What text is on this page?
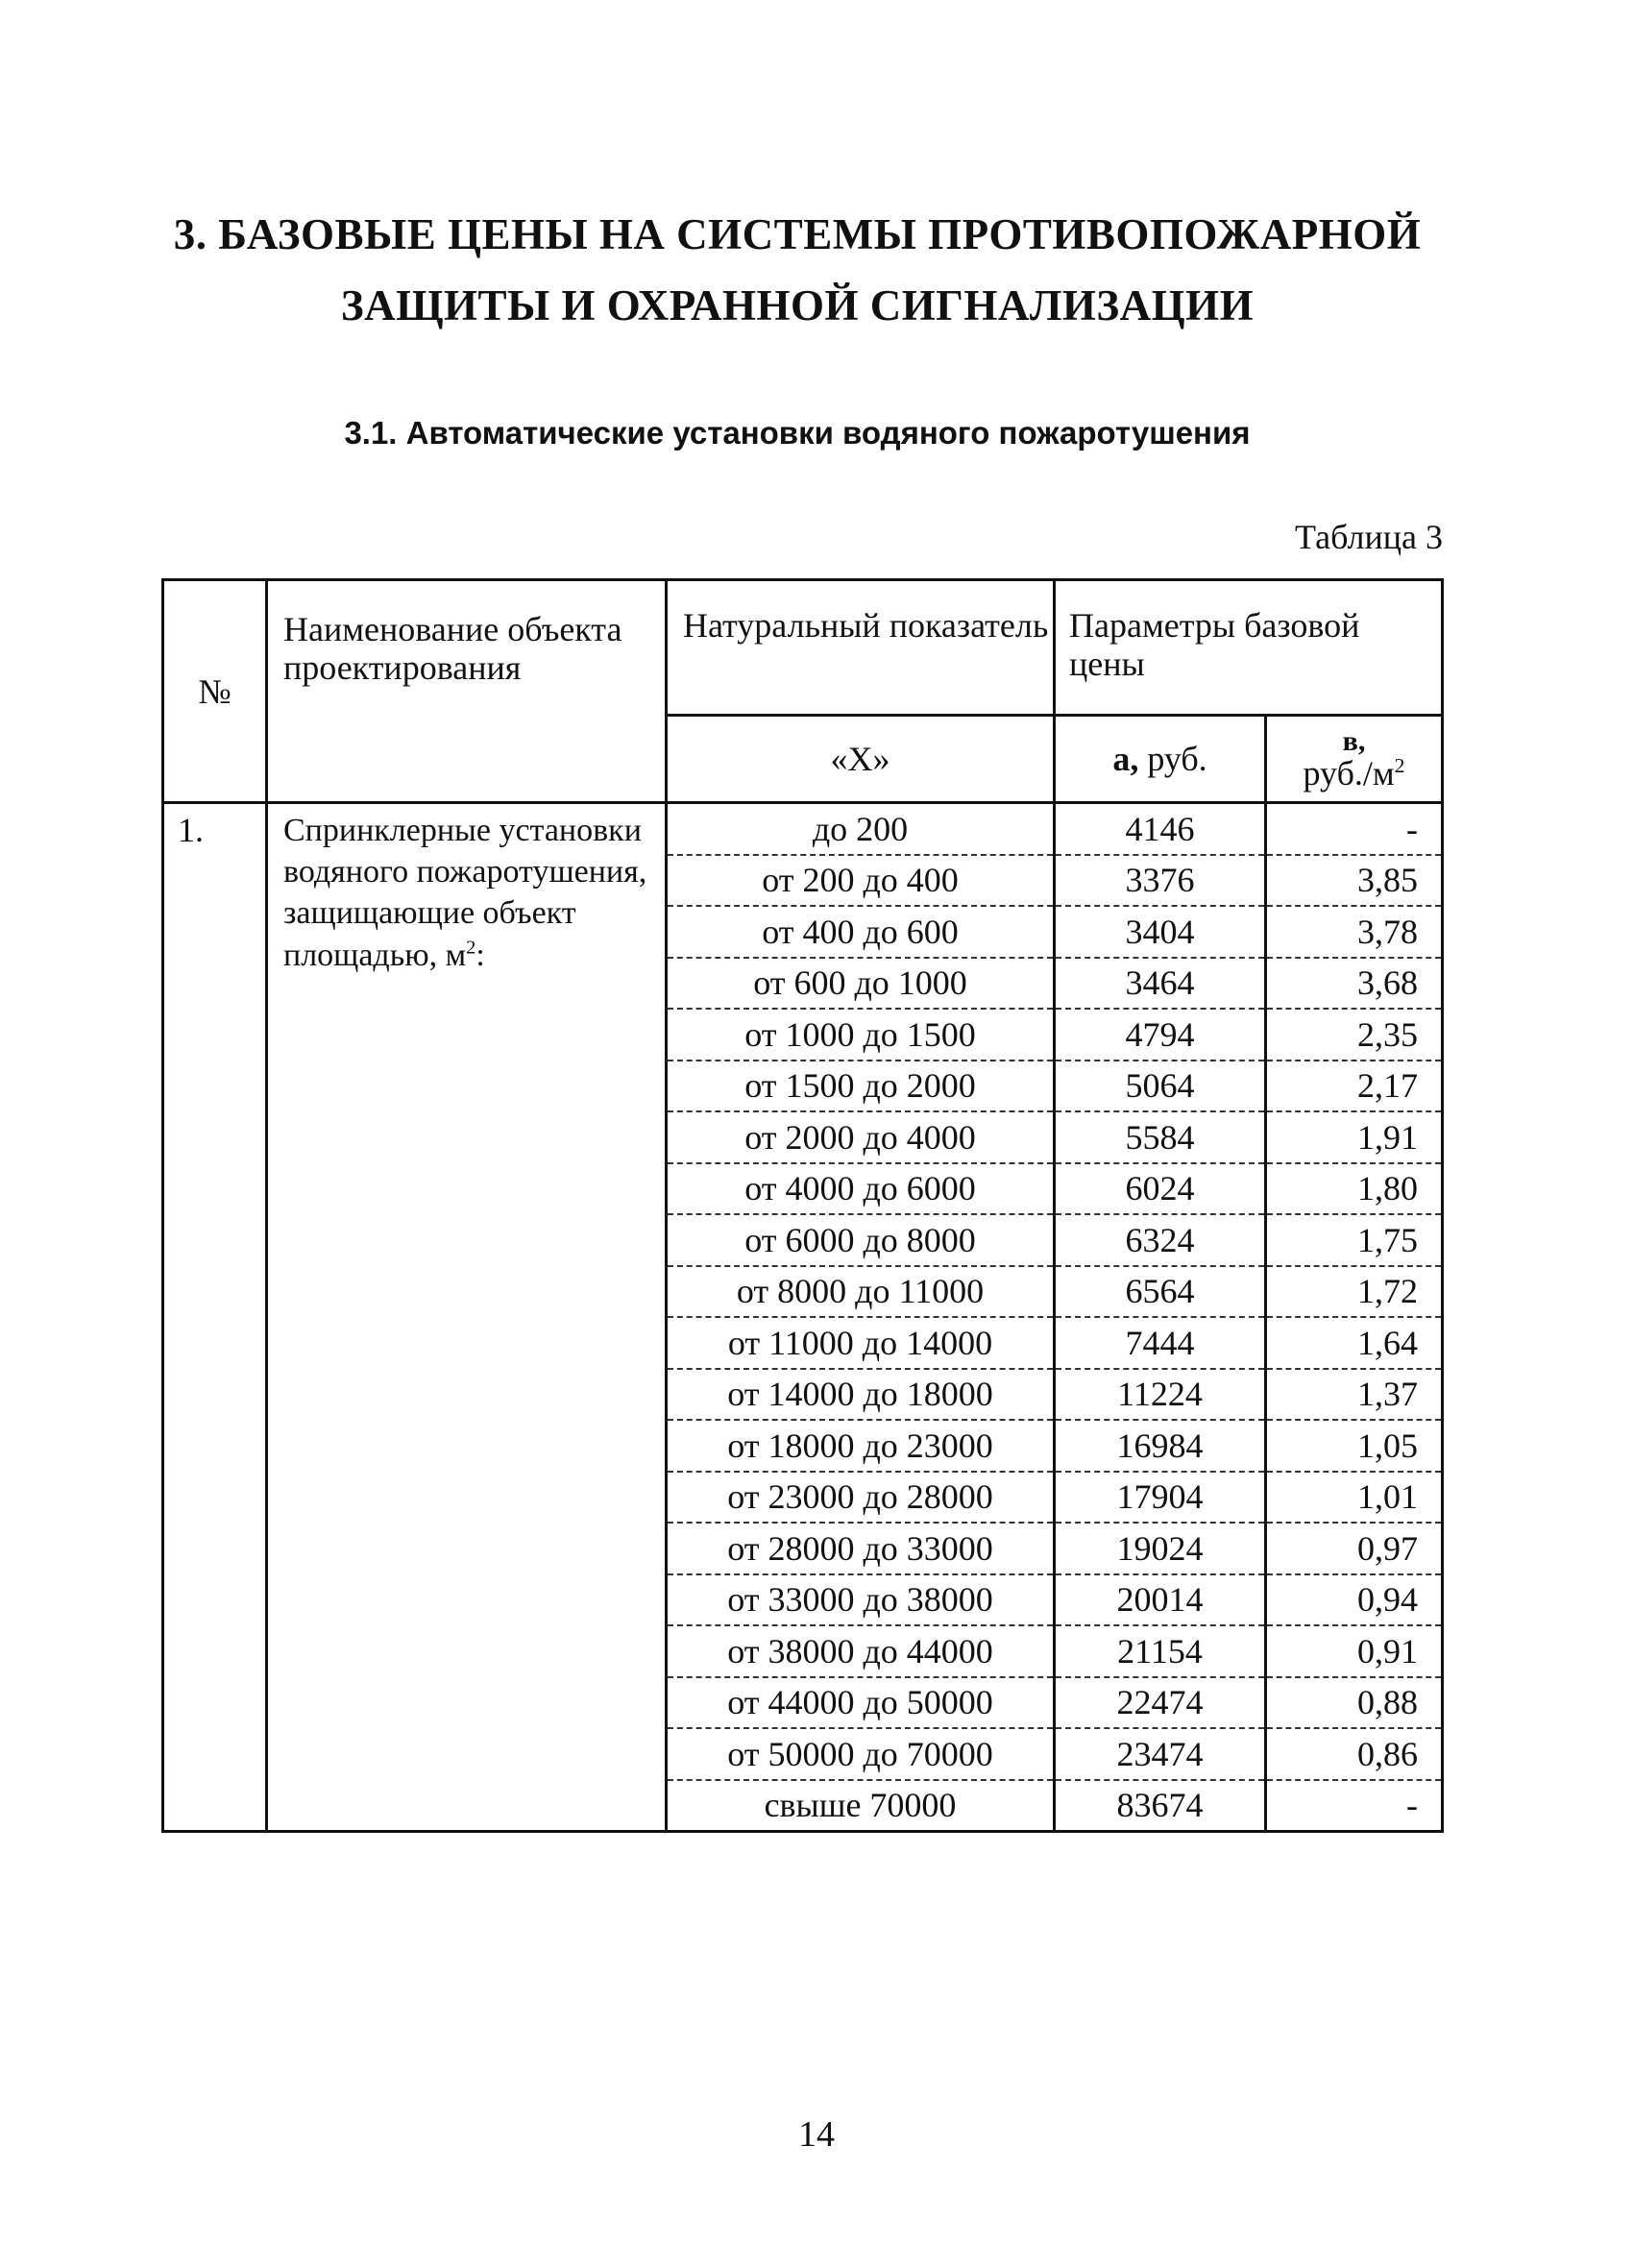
3. БАЗОВЫЕ ЦЕНЫ НА СИСТЕМЫ ПРОТИВОПОЖАРНОЙ
ЗАЩИТЫ И ОХРАННОЙ СИГНАЛИЗАЦИИ
3.1. Автоматические установки водяного пожаротушения
Таблица 3
№	Наименование объекта проектирования	Натуральный показатель	Параметры базовой цены	
		«Х»	а, руб.	в,
$руб./м^2$
1.	Спринклерные установки водяного пожаротушения, защищающие объект площадью, $м^2$:	до 200	4146	-
		от 200 до 400	3376	3,85
		от 400 до 600	3404	3,78
		от 600 до 1000	3464	3,68
		от 1000 до 1500	4794	2,35
		от 1500 до 2000	5064	2,17
		от 2000 до 4000	5584	1,91
		от 4000 до 6000	6024	1,80
		от 6000 до 8000	6324	1,75
		от 8000 до 11000	6564	1,72
		от 11000 до 14000	7444	1,64
		от 14000 до 18000	11224	1,37
		от 18000 до 23000	16984	1,05
		от 23000 до 28000	17904	1,01
		от 28000 до 33000	19024	0,97
		от 33000 до 38000	20014	0,94
		от 38000 до 44000	21154	0,91
		от 44000 до 50000	22474	0,88
		от 50000 до 70000	23474	0,86
		свыше 70000	83674	-
14
